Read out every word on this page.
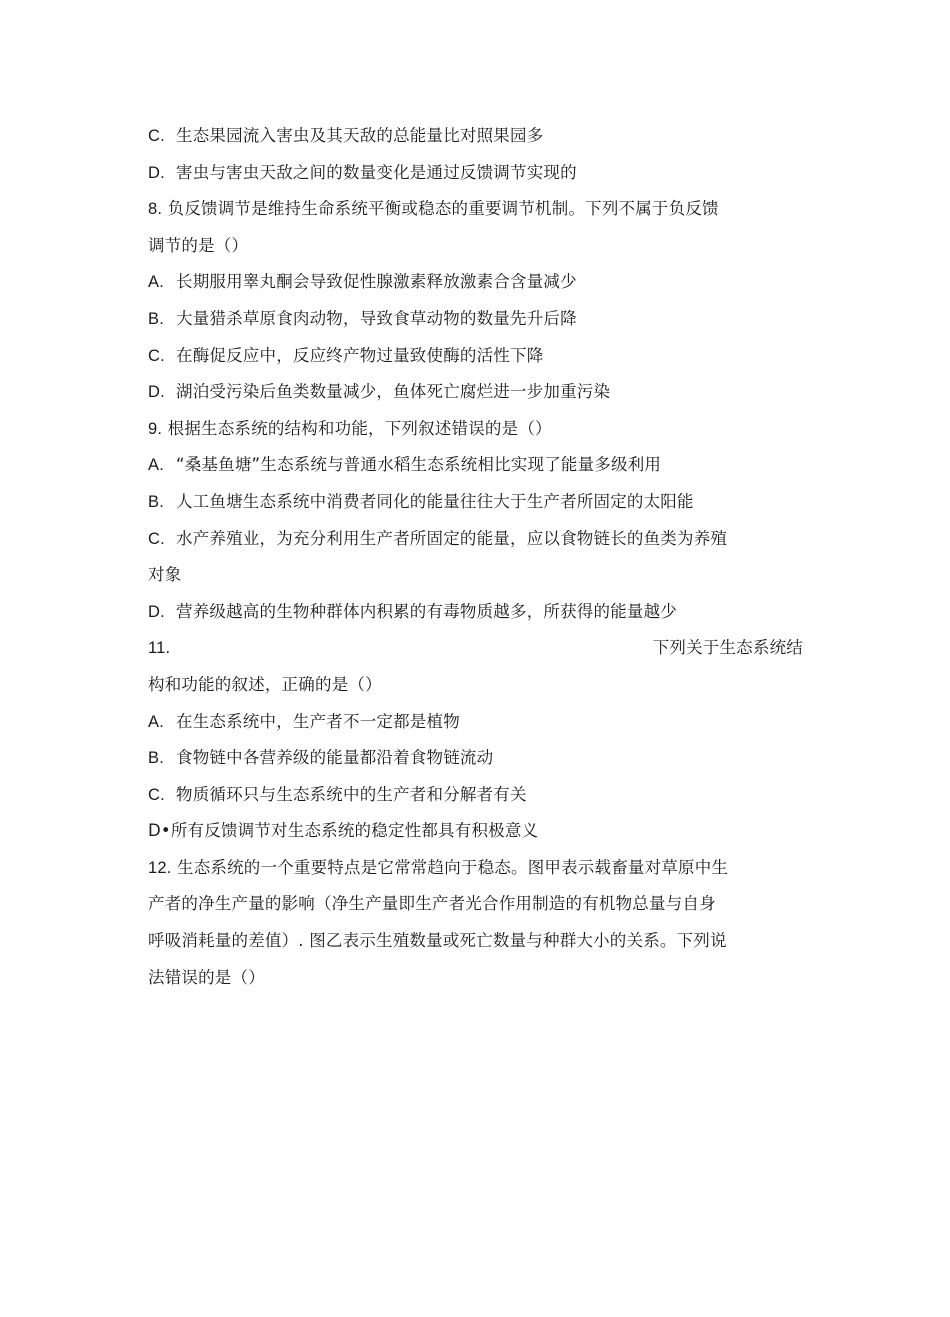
C. 生态果园流入害虫及其天敌的总能量比对照果园多
D. 害虫与害虫天敌之间的数量变化是通过反馈调节实现的
8. 负反馈调节是维持生命系统平衡或稳态的重要调节机制。下列不属于负反馈
调节的是（）
A. 长期服用睾丸酮会导致促性腺激素释放激素合含量减少
B. 大量猎杀草原食肉动物，导致食草动物的数量先升后降
C. 在酶促反应中，反应终产物过量致使酶的活性下降
D. 湖泊受污染后鱼类数量减少，鱼体死亡腐烂进一步加重污染
9. 根据生态系统的结构和功能，下列叙述错误的是（）
A. “桑基鱼塘”生态系统与普通水稻生态系统相比实现了能量多级利用
B. 人工鱼塘生态系统中消费者同化的能量往往大于生产者所固定的太阳能
C. 水产养殖业，为充分利用生产者所固定的能量，应以食物链长的鱼类为养殖
对象
D. 营养级越高的生物种群体内积累的有毒物质越多，所获得的能量越少
11.	下列关于生态系统结
构和功能的叙述，正确的是（）
A. 在生态系统中，生产者不一定都是植物
B. 食物链中各营养级的能量都沿着食物链流动
C. 物质循环只与生态系统中的生产者和分解者有关
D•所有反馈调节对生态系统的稳定性都具有积极意义
12. 生态系统的一个重要特点是它常常趋向于稳态。图甲表示载畜量对草原中生
产者的净生产量的影响（净生产量即生产者光合作用制造的有机物总量与自身
呼吸消耗量的差值）. 图乙表示生殖数量或死亡数量与种群大小的关系。下列说
法错误的是（）
